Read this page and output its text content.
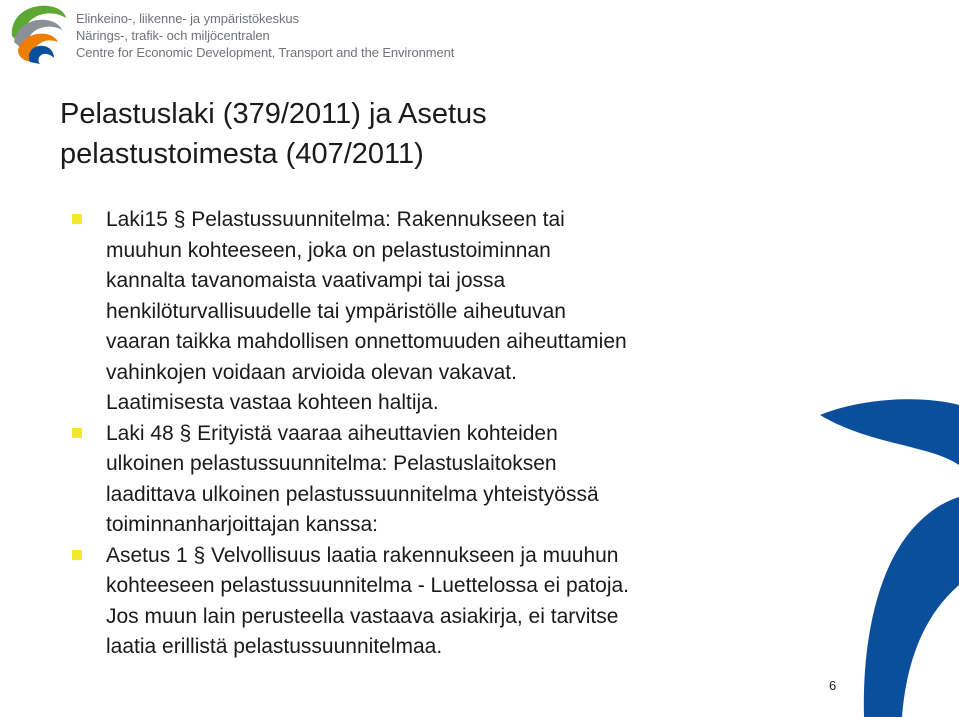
Elinkeino-, liikenne- ja ympäristökeskus
Närings-, trafik- och miljöcentralen
Centre for Economic Development, Transport and the Environment
Pelastuslaki (379/2011) ja Asetus
pelastustoimesta (407/2011)
Laki15 § Pelastussuunnitelma: Rakennukseen tai
muuhun kohteeseen, joka on pelastustoiminnan
kannalta tavanomaista vaativampi tai jossa
henkilöturvallisuudelle tai ympäristölle aiheutuvan
vaaran taikka mahdollisen onnettomuuden aiheuttamien
vahinkojen voidaan arvioida olevan vakavat.
Laatimisesta vastaa kohteen haltija.
Laki 48 § Erityistä vaaraa aiheuttavien kohteiden
ulkoinen pelastussuunnitelma: Pelastuslaitoksen
laadittava ulkoinen pelastussuunnitelma yhteistyössä
toiminnanharjoittajan kanssa:
Asetus 1 § Velvollisuus laatia rakennukseen ja muuhun
kohteeseen pelastussuunnitelma - Luettelossa ei patoja.
Jos muun lain perusteella vastaava asiakirja, ei tarvitse
laatia erillistä pelastussuunnitelmaa.
6
